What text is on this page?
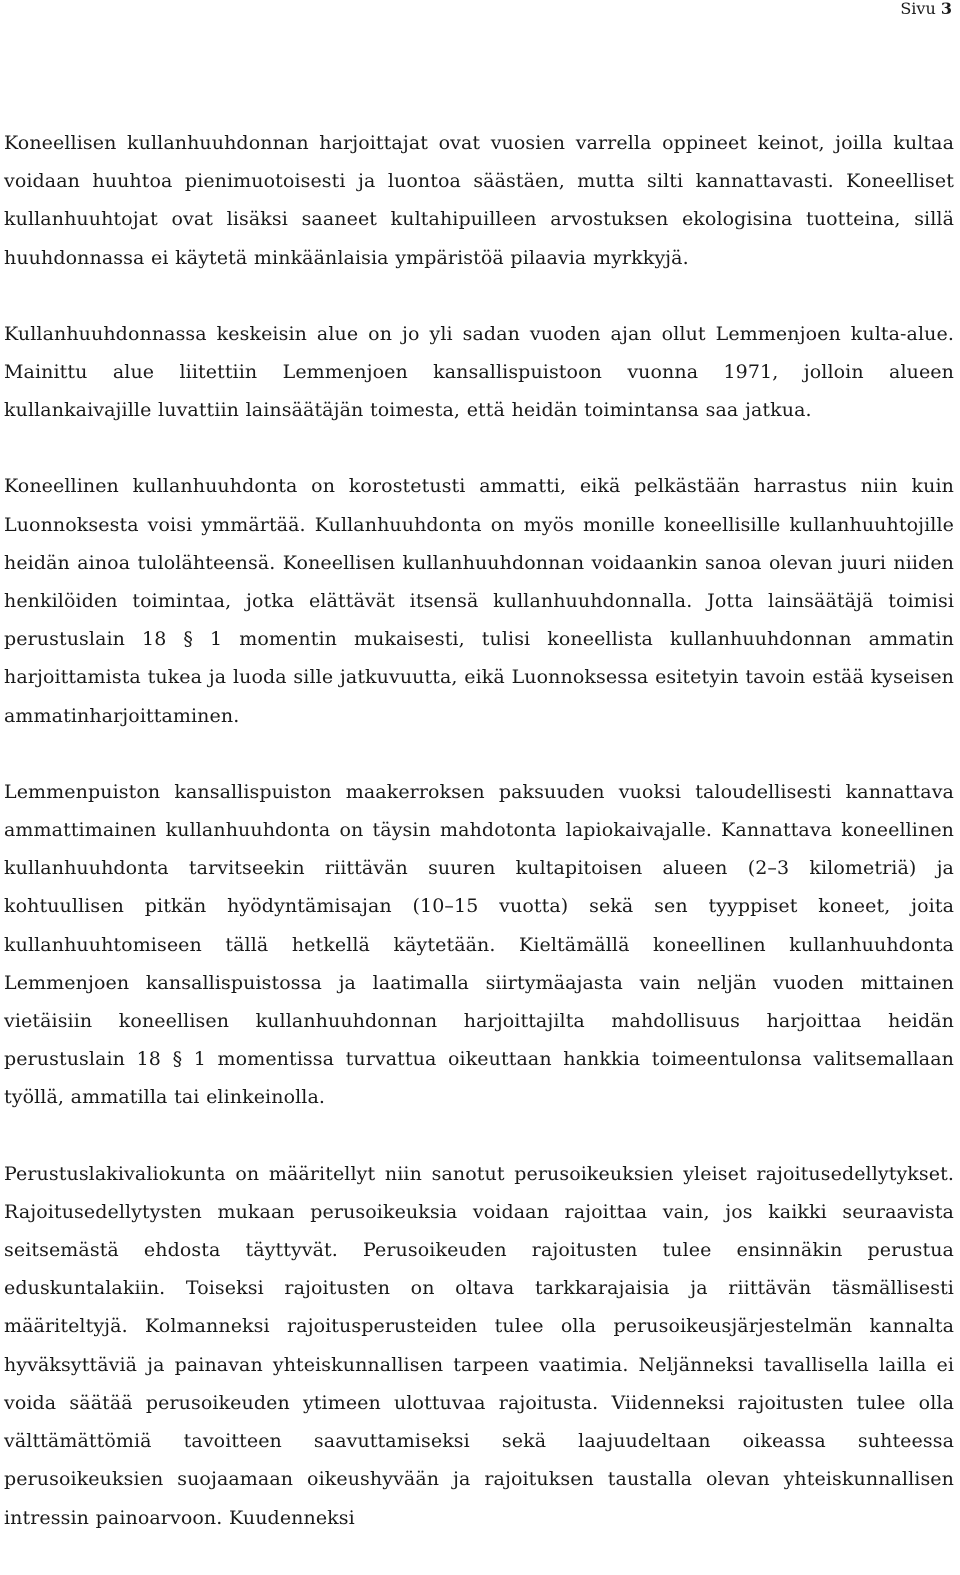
Sivu 3

Koneellisen kullanhuuhdonnan harjoittajat ovat vuosien varrella oppineet keinot, joilla kultaa voidaan huuhtoa pienimuotoisesti ja luontoa säästäen, mutta silti kannattavasti. Koneelliset kullanhuuhtojat ovat lisäksi saaneet kultahipuilleen arvostuksen ekologisina tuotteina, sillä huuhdonnassa ei käytetä minkäänlaisia ympäristöä pilaavia myrkkyjä.

Kullanhuuhdonnassa keskeisin alue on jo yli sadan vuoden ajan ollut Lemmenjoen kulta-alue. Mainittu alue liitettiin Lemmenjoen kansallispuistoon vuonna 1971, jolloin alueen kullankaivajille luvattiin lainsäätäjän toimesta, että heidän toimintansa saa jatkua.

Koneellinen kullanhuuhdonta on korostetusti ammatti, eikä pelkästään harrastus niin kuin Luonnoksesta voisi ymmärtää. Kullanhuuhdonta on myös monille koneellisille kullanhuuhtojille heidän ainoa tulolähteensä. Koneellisen kullanhuuhdonnan voidaankin sanoa olevan juuri niiden henkilöiden toimintaa, jotka elättävät itsensä kullanhuuhdonnalla. Jotta lainsäätäjä toimisi perustuslain 18 § 1 momentin mukaisesti, tulisi koneellista kullanhuuhdonnan ammatin harjoittamista tukea ja luoda sille jatkuvuutta, eikä Luonnoksessa esitetyin tavoin estää kyseisen ammatinharjoittaminen.

Lemmenpuiston kansallispuiston maakerroksen paksuuden vuoksi taloudellisesti kannattava ammattimainen kullanhuuhdonta on täysin mahdotonta lapiokaivajalle. Kannattava koneellinen kullanhuuhdonta tarvitseekin riittävän suuren kultapitoisen alueen (2–3 kilometriä) ja kohtuullisen pitkän hyödyntämisajan (10–15 vuotta) sekä sen tyyppiset koneet, joita kullanhuuhtomiseen tällä hetkellä käytetään. Kieltämällä koneellinen kullanhuuhdonta Lemmenjoen kansallispuistossa ja laatimalla siirtymäajasta vain neljän vuoden mittainen vietäisiin koneellisen kullanhuuhdonnan harjoittajilta mahdollisuus harjoittaa heidän perustuslain 18 § 1 momentissa turvattua oikeuttaan hankkia toimeentulonsa valitsemallaan työllä, ammatilla tai elinkeinolla.

Perustuslakivaliokunta on määritellyt niin sanotut perusoikeuksien yleiset rajoitusedellytykset. Rajoitusedellytysten mukaan perusoikeuksia voidaan rajoittaa vain, jos kaikki seuraavista seitsemästä ehdosta täyttyvät. Perusoikeuden rajoitusten tulee ensinnäkin perustua eduskuntalakiin. Toiseksi rajoitusten on oltava tarkkarajaisia ja riittävän täsmällisesti määriteltyjä. Kolmanneksi rajoitusperusteiden tulee olla perusoikeusjärjestelmän kannalta hyväksyttäviä ja painavan yhteiskunnallisen tarpeen vaatimia. Neljänneksi tavallisella lailla ei voida säätää perusoikeuden ytimeen ulottuvaa rajoitusta. Viidenneksi rajoitusten tulee olla välttämättömiä tavoitteen saavuttamiseksi sekä laajuudeltaan oikeassa suhteessa perusoikeuksien suojaamaan oikeushyvään ja rajoituksen taustalla olevan yhteiskunnallisen intressin painoarvoon. Kuudenneksi
